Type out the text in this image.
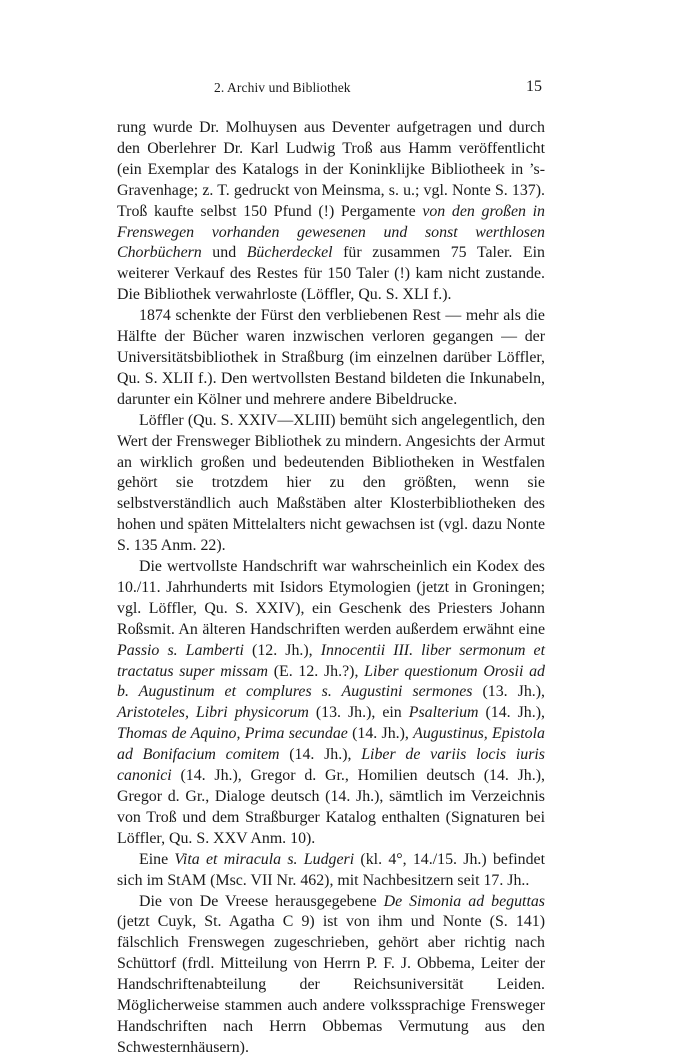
2. Archiv und Bibliothek	15

rung wurde Dr. Molhuysen aus Deventer aufgetragen und durch den Oberlehrer Dr. Karl Ludwig Troß aus Hamm veröffentlicht (ein Exemplar des Katalogs in der Koninklijke Bibliotheek in ’s-Gravenhage; z. T. gedruckt von Meinsma, s. u.; vgl. Nonte S. 137). Troß kaufte selbst 150 Pfund (!) Pergamente von den großen in Frenswegen vorhanden gewesenen und sonst werthlosen Chorbüchern und Bücherdeckel für zusammen 75 Taler. Ein weiterer Verkauf des Restes für 150 Taler (!) kam nicht zustande. Die Bibliothek verwahrloste (Löffler, Qu. S. XLI f.).

1874 schenkte der Fürst den verbliebenen Rest — mehr als die Hälfte der Bücher waren inzwischen verloren gegangen — der Universitätsbibliothek in Straßburg (im einzelnen darüber Löffler, Qu. S. XLII f.). Den wertvollsten Bestand bildeten die Inkunabeln, darunter ein Kölner und mehrere andere Bibeldrucke.

Löffler (Qu. S. XXIV—XLIII) bemüht sich angelegentlich, den Wert der Frensweger Bibliothek zu mindern. Angesichts der Armut an wirklich großen und bedeutenden Bibliotheken in Westfalen gehört sie trotzdem hier zu den größten, wenn sie selbstverständlich auch Maßstäben alter Klosterbibliotheken des hohen und späten Mittelalters nicht gewachsen ist (vgl. dazu Nonte S. 135 Anm. 22).

Die wertvollste Handschrift war wahrscheinlich ein Kodex des 10./11. Jahrhunderts mit Isidors Etymologien (jetzt in Groningen; vgl. Löffler, Qu. S. XXIV), ein Geschenk des Priesters Johann Roßsmit. An älteren Handschriften werden außerdem erwähnt eine Passio s. Lamberti (12. Jh.), Innocentii III. liber sermonum et tractatus super missam (E. 12. Jh.?), Liber questionum Orosii ad b. Augustinum et complures s. Augustini sermones (13. Jh.), Aristoteles, Libri physicorum (13. Jh.), ein Psalterium (14. Jh.), Thomas de Aquino, Prima secundae (14. Jh.), Augustinus, Epistola ad Bonifacium comitem (14. Jh.), Liber de variis locis iuris canonici (14. Jh.), Gregor d. Gr., Homilien deutsch (14. Jh.), Gregor d. Gr., Dialoge deutsch (14. Jh.), sämtlich im Verzeichnis von Troß und dem Straßburger Katalog enthalten (Signaturen bei Löffler, Qu. S. XXV Anm. 10).

Eine Vita et miracula s. Ludgeri (kl. 4°, 14./15. Jh.) befindet sich im StAM (Msc. VII Nr. 462), mit Nachbesitzern seit 17. Jh..

Die von De Vreese herausgegebene De Simonia ad beguttas (jetzt Cuyk, St. Agatha C 9) ist von ihm und Nonte (S. 141) fälschlich Frenswegen zugeschrieben, gehört aber richtig nach Schüttorf (frdl. Mitteilung von Herrn P. F. J. Obbema, Leiter der Handschriftenabteilung der Reichsuniversität Leiden. Möglicherweise stammen auch andere volkssprachige Frensweger Handschriften nach Herrn Obbemas Vermutung aus den Schwesternhäusern).
